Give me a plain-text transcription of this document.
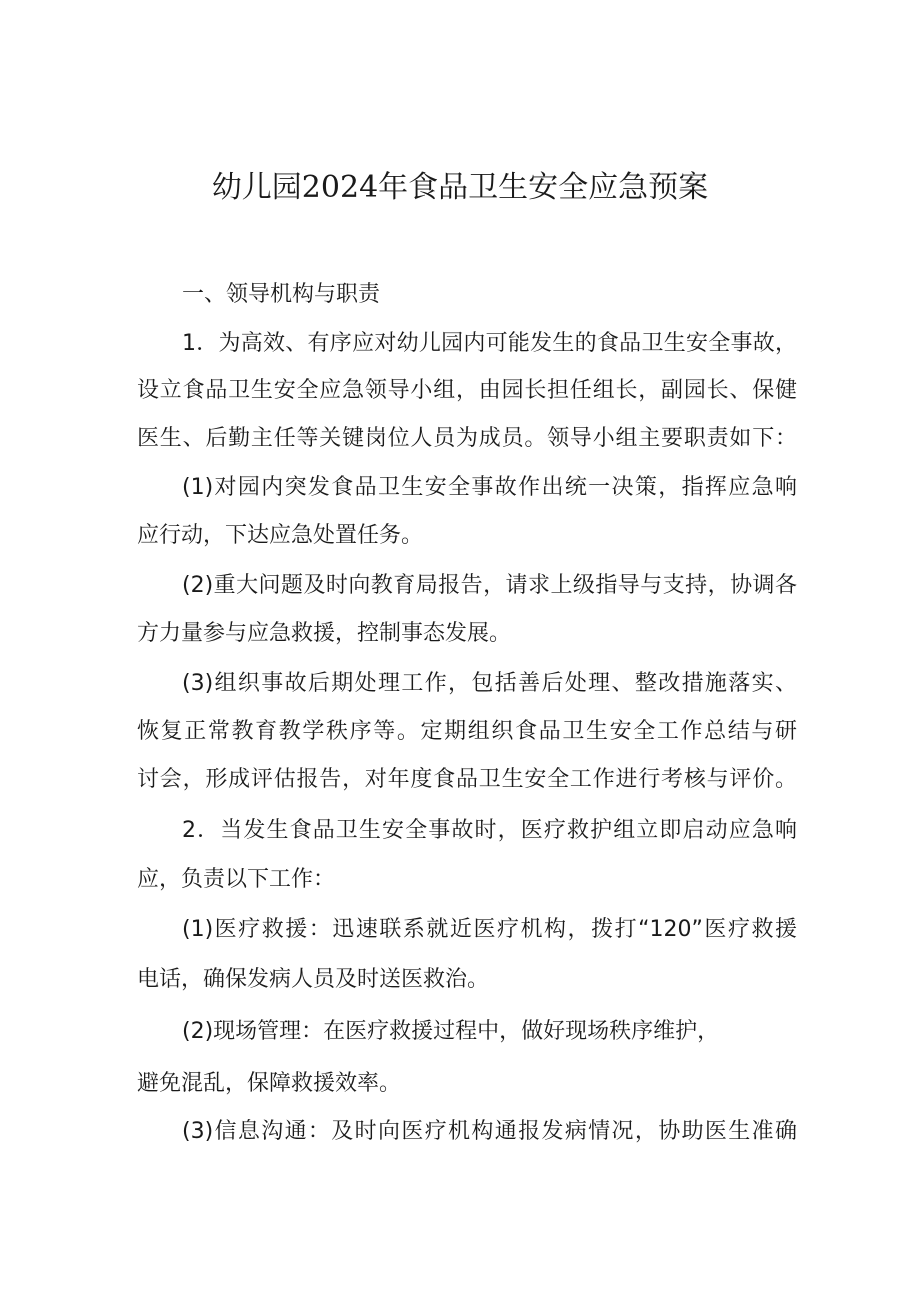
幼儿园2024年食品卫生安全应急预案

一、领导机构与职责

1．为高效、有序应对幼儿园内可能发生的食品卫生安全事故，

设立食品卫生安全应急领导小组，由园长担任组长，副园长、保健

医生、后勤主任等关键岗位人员为成员。领导小组主要职责如下：

(1)对园内突发食品卫生安全事故作出统一决策，指挥应急响

应行动，下达应急处置任务。

(2)重大问题及时向教育局报告，请求上级指导与支持，协调各

方力量参与应急救援，控制事态发展。

(3)组织事故后期处理工作，包括善后处理、整改措施落实、

恢复正常教育教学秩序等。定期组织食品卫生安全工作总结与研

讨会，形成评估报告，对年度食品卫生安全工作进行考核与评价。

2．当发生食品卫生安全事故时，医疗救护组立即启动应急响

应，负责以下工作：

(1)医疗救援：迅速联系就近医疗机构，拨打“120”医疗救援

电话，确保发病人员及时送医救治。

(2)现场管理：在医疗救援过程中，做好现场秩序维护，

避免混乱，保障救援效率。

(3)信息沟通：及时向医疗机构通报发病情况，协助医生准确
